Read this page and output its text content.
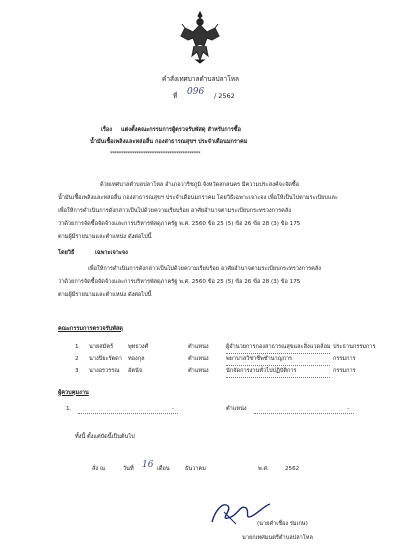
คำสั่งเทศบาลตำบลปลาโหล
ที่ 096 / 2562
เรื่อง แต่งตั้งคณะกรรมการผู้ตรวจรับพัสดุ สำหรับการซื้อ
น้ำมันเชื้อเพลิงและหล่อลื่น กองสาธารณสุขฯ ประจำเดือนมกราคม
*****************************************
ด้วยเทศบาลตำบลปลาโหล อำเภอวาริชภูมิ จังหวัดสกลนคร มีความประสงค์จะจัดซื้อ
น้ำมันเชื้อเพลิงและหล่อลื่น กองสาธารณสุขฯ ประจำเดือนมกราคม โดยวิธีเฉพาะเจาะจง เพื่อให้เป็นไปตามระเบียบและ
เพื่อให้การดำเนินการดังกล่าวเป็นไปด้วยความเรียบร้อย อาศัยอำนาจตามระเบียบกระทรวงการคลัง
ว่าด้วยการจัดซื้อจัดจ้างและการบริหารพัสดุภาครัฐ พ.ศ. 2560 ข้อ 25 (5) ข้อ 26 ข้อ 28 (3) ข้อ 175
ตามผู้มีรายนามและตำแหน่ง ดังต่อไปนี้
โดยวิธี	เฉพาะเจาะจง
เพื่อให้การดำเนินการดังกล่าวเป็นไปด้วยความเรียบร้อย อาศัยอำนาจตามระเบียบกระทรวงการคลัง
ว่าด้วยการจัดซื้อจัดจ้างและการบริหารพัสดุภาครัฐ พ.ศ. 2560 ข้อ 25 (5) ข้อ 26 ข้อ 28 (3) ข้อ 175
ตามผู้มีรายนามและตำแหน่ง ดังต่อไปนี้
คณะกรรมการตรวจรับพัสดุ
1 นายสมัคร์	พุทธวงศ์	ตำแหน่ง	ผู้อำนวยการกองสาธารณสุขและสิ่งแวดล้อม ประธานกรรมการ
2 นางปิยะรัตดา ทองกุล	ตำแหน่ง	พยาบาลวิชาชีพชำนาญการ	กรรมการ
3 นางอรวรรณ อัตนัจ	ตำแหน่ง	นักจัดการงานทั่วไปปฏิบัติการ	กรรมการ
ผู้ควบคุมงาน
1.	-	ตำแหน่ง	-
ทั้งนี้ ตั้งแต่บัดนี้เป็นต้นไป
สั่ง ณ	วันที่ 16 เดือน	ธันวาคม	พ.ศ.	2562
(นายคำเชื่อง ร่มเกษ)
นายกเทศมนตรีตำบลปลาโหล
